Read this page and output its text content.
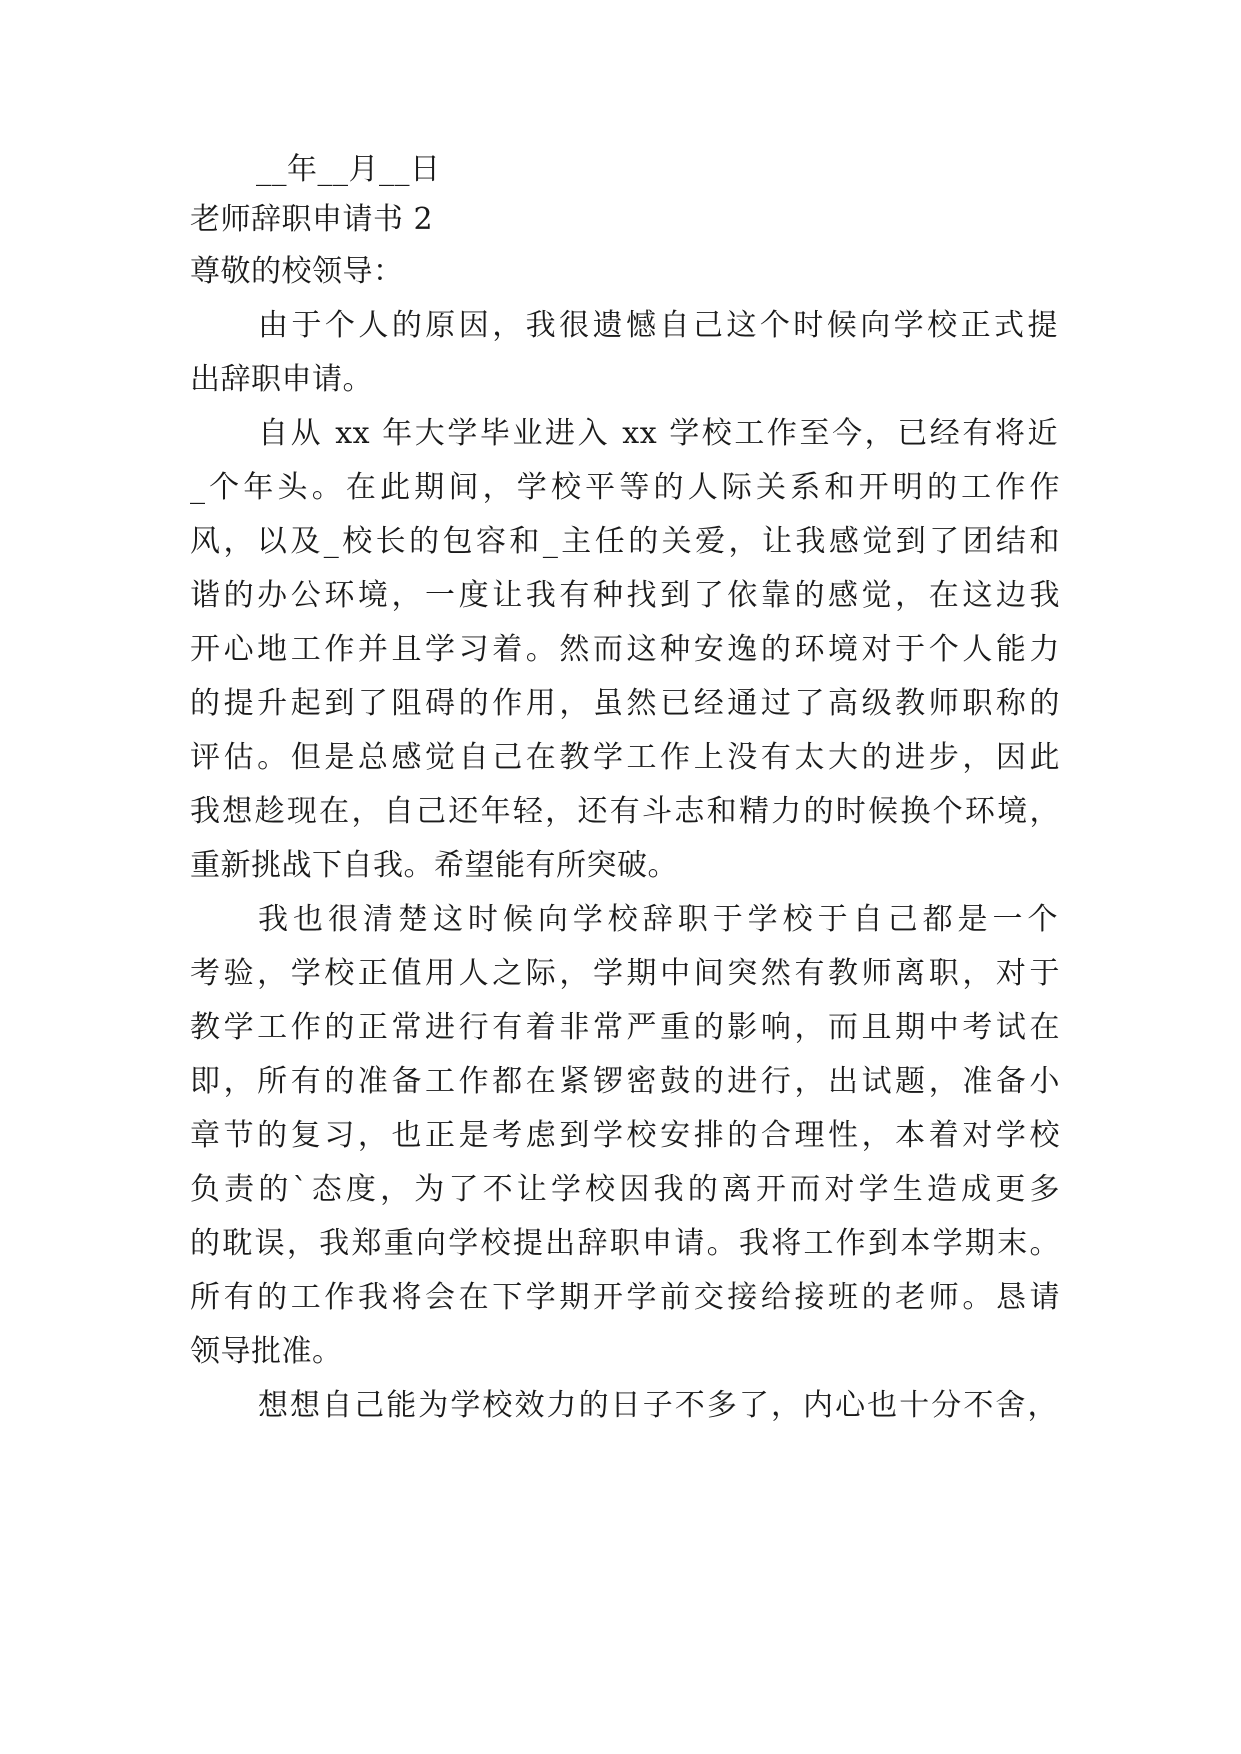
__年__月__日
老师辞职申请书 2
尊敬的校领导：
由于个人的原因，我很遗憾自己这个时候向学校正式提
出辞职申请。
自从 xx 年大学毕业进入 xx 学校工作至今，已经有将近
_个年头。在此期间，学校平等的人际关系和开明的工作作
风，以及_校长的包容和_主任的关爱，让我感觉到了团结和
谐的办公环境，一度让我有种找到了依靠的感觉，在这边我
开心地工作并且学习着。然而这种安逸的环境对于个人能力
的提升起到了阻碍的作用，虽然已经通过了高级教师职称的
评估。但是总感觉自己在教学工作上没有太大的进步，因此
我想趁现在，自己还年轻，还有斗志和精力的时候换个环境，
重新挑战下自我。希望能有所突破。
我也很清楚这时候向学校辞职于学校于自己都是一个
考验，学校正值用人之际，学期中间突然有教师离职，对于
教学工作的正常进行有着非常严重的影响，而且期中考试在
即，所有的准备工作都在紧锣密鼓的进行，出试题，准备小
章节的复习，也正是考虑到学校安排的合理性，本着对学校
负责的`态度，为了不让学校因我的离开而对学生造成更多
的耽误，我郑重向学校提出辞职申请。我将工作到本学期末。
所有的工作我将会在下学期开学前交接给接班的老师。恳请
领导批准。
想想自己能为学校效力的日子不多了，内心也十分不舍，
